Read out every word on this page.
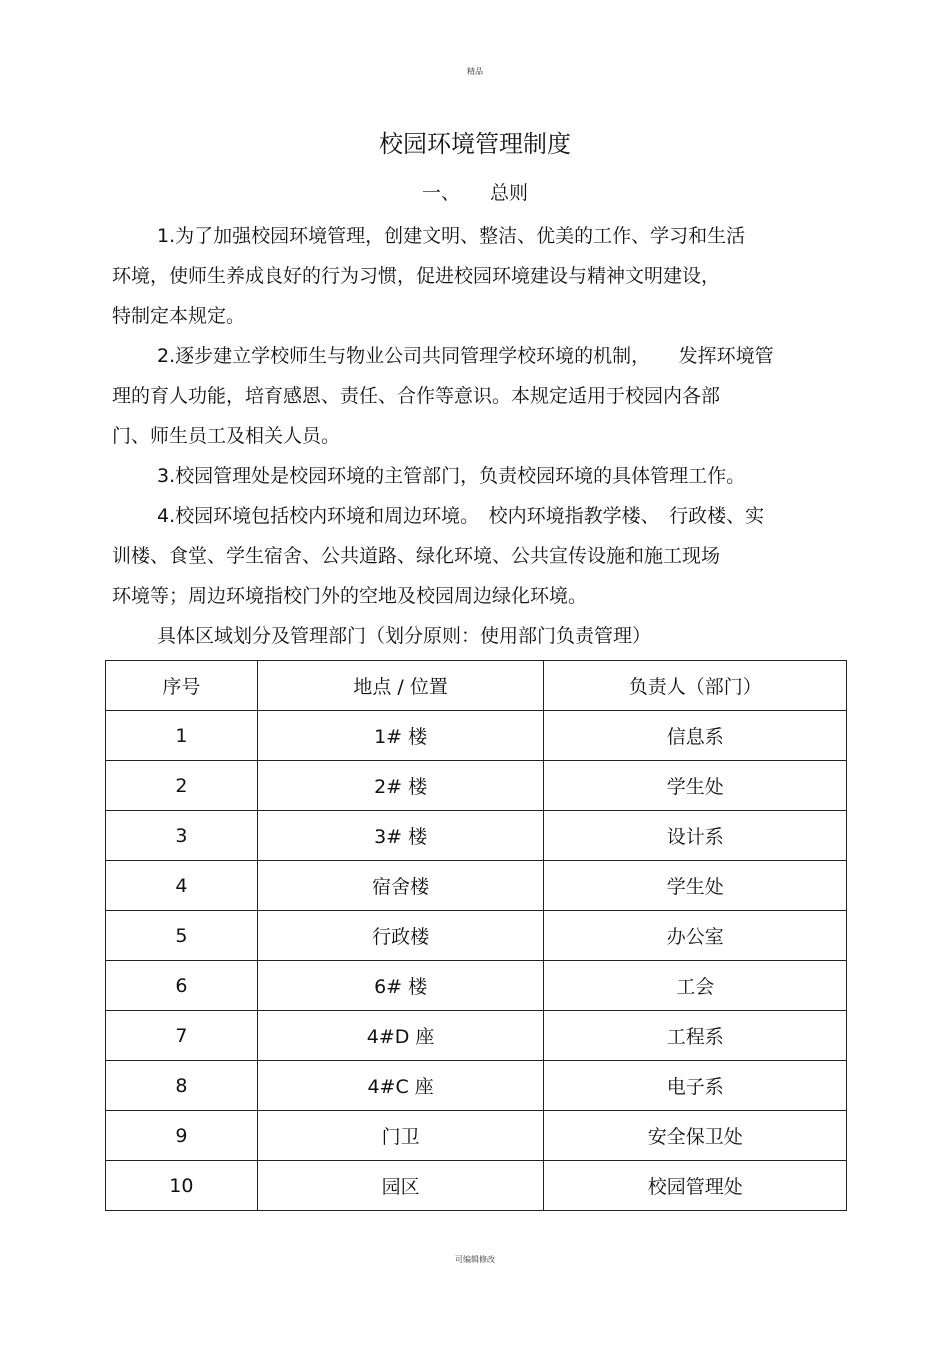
精品
校园环境管理制度
一、 总则
1.为了加强校园环境管理，创建文明、整洁、优美的工作、学习和生活
环境，使师生养成良好的行为习惯，促进校园环境建设与精神文明建设，
特制定本规定。
2.逐步建立学校师生与物业公司共同管理学校环境的机制，　　发挥环境管
理的育人功能，培育感恩、责任、合作等意识。本规定适用于校园内各部
门、师生员工及相关人员。
3.校园管理处是校园环境的主管部门，负责校园环境的具体管理工作。
4.校园环境包括校内环境和周边环境。　校内环境指教学楼、　行政楼、实
训楼、食堂、学生宿舍、公共道路、绿化环境、公共宣传设施和施工现场
环境等；周边环境指校门外的空地及校园周边绿化环境。
具体区域划分及管理部门（划分原则：使用部门负责管理）
序号	地点 / 位置	负责人（部门）
1	1# 楼	信息系
2	2# 楼	学生处
3	3# 楼	设计系
4	宿舍楼	学生处
5	行政楼	办公室
6	6# 楼	工会
7	4#D 座	工程系
8	4#C 座	电子系
9	门卫	安全保卫处
10	园区	校园管理处
可编辑修改
